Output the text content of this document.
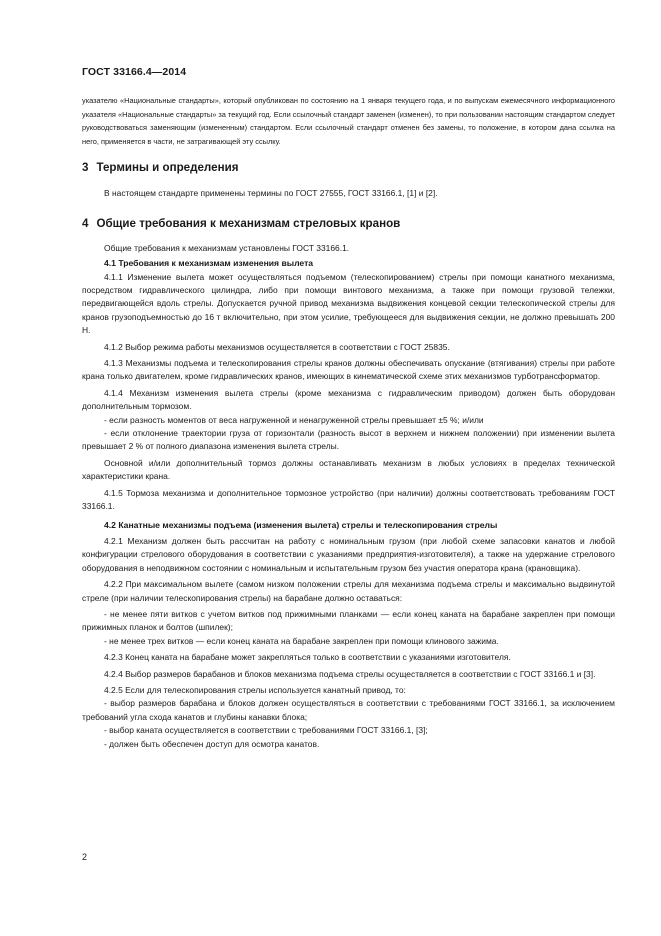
ГОСТ 33166.4—2014

указателю «Национальные стандарты», который опубликован по состоянию на 1 января текущего года, и по выпускам ежемесячного информационного указателя «Национальные стандарты» за текущий год. Если ссылочный стандарт заменен (изменен), то при пользовании настоящим стандартом следует руководствоваться заменяющим (измененным) стандартом. Если ссылочный стандарт отменен без замены, то положение, в котором дана ссылка на него, применяется в части, не затрагивающей эту ссылку.

3 Термины и определения

В настоящем стандарте применены термины по ГОСТ 27555, ГОСТ 33166.1, [1] и [2].

4 Общие требования к механизмам стреловых кранов

Общие требования к механизмам установлены ГОСТ 33166.1.

4.1 Требования к механизмам изменения вылета

4.1.1 Изменение вылета может осуществляться подъемом (телескопированием) стрелы при помощи канатного механизма, посредством гидравлического цилиндра, либо при помощи винтового механизма, а также при помощи грузовой тележки, передвигающейся вдоль стрелы. Допускается ручной привод механизма выдвижения концевой секции телескопической стрелы для кранов грузоподъемностью до 16 т включительно, при этом усилие, требующееся для выдвижения секции, не должно превышать 200 Н.

4.1.2 Выбор режима работы механизмов осуществляется в соответствии с ГОСТ 25835.

4.1.3 Механизмы подъема и телескопирования стрелы кранов должны обеспечивать опускание (втягивания) стрелы при работе крана только двигателем, кроме гидравлических кранов, имеющих в кинематической схеме этих механизмов турботрансформатор.

4.1.4 Механизм изменения вылета стрелы (кроме механизма с гидравлическим приводом) должен быть оборудован дополнительным тормозом.

- если разность моментов от веса нагруженной и ненагруженной стрелы превышает ±5 %; и/или

- если отклонение траектории груза от горизонтали (разность высот в верхнем и нижнем положении) при изменении вылета превышает 2 % от полного диапазона изменения вылета стрелы.

Основной и/или дополнительный тормоз должны останавливать механизм в любых условиях в пределах технической характеристики крана.

4.1.5 Тормоза механизма и дополнительное тормозное устройство (при наличии) должны соответствовать требованиям ГОСТ 33166.1.

4.2 Канатные механизмы подъема (изменения вылета) стрелы и телескопирования стрелы

4.2.1 Механизм должен быть рассчитан на работу с номинальным грузом (при любой схеме запасовки канатов и любой конфигурации стрелового оборудования в соответствии с указаниями предприятия-изготовителя), а также на удержание стрелового оборудования в неподвижном состоянии с номинальным и испытательным грузом без участия оператора крана (крановщика).

4.2.2 При максимальном вылете (самом низком положении стрелы для механизма подъема стрелы и максимально выдвинутой стреле (при наличии телескопирования стрелы) на барабане должно оставаться:

- не менее пяти витков с учетом витков под прижимными планками — если конец каната на барабане закреплен при помощи прижимных планок и болтов (шпилек);

- не менее трех витков — если конец каната на барабане закреплен при помощи клинового зажима.

4.2.3 Конец каната на барабане может закрепляться только в соответствии с указаниями изготовителя.

4.2.4 Выбор размеров барабанов и блоков механизма подъема стрелы осуществляется в соответствии с ГОСТ 33166.1 и [3].

4.2.5 Если для телескопирования стрелы используется канатный привод, то:

- выбор размеров барабана и блоков должен осуществляться в соответствии с требованиями ГОСТ 33166.1, за исключением требований угла схода канатов и глубины канавки блока;

- выбор каната осуществляется в соответствии с требованиями ГОСТ 33166.1, [3];

- должен быть обеспечен доступ для осмотра канатов.

2
